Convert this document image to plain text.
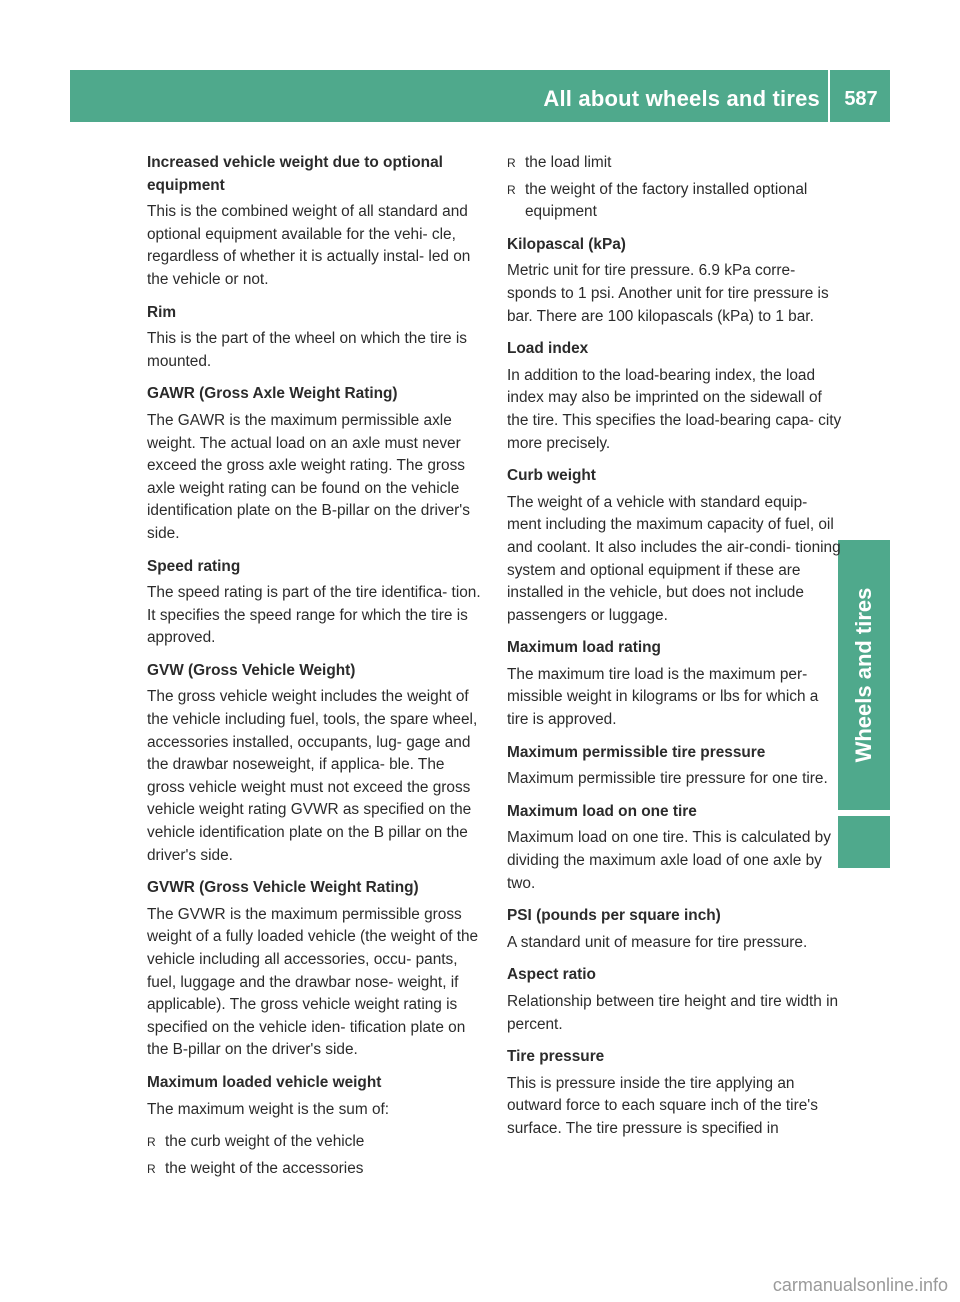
All about wheels and tires	587
Wheels and tires
Increased vehicle weight due to optional equipment
This is the combined weight of all standard and optional equipment available for the vehi- cle, regardless of whether it is actually instal- led on the vehicle or not.
Rim
This is the part of the wheel on which the tire is mounted.
GAWR (Gross Axle Weight Rating)
The GAWR is the maximum permissible axle weight. The actual load on an axle must never exceed the gross axle weight rating. The gross axle weight rating can be found on the vehicle identification plate on the B-pillar on the driver's side.
Speed rating
The speed rating is part of the tire identifica- tion. It specifies the speed range for which the tire is approved.
GVW (Gross Vehicle Weight)
The gross vehicle weight includes the weight of the vehicle including fuel, tools, the spare wheel, accessories installed, occupants, lug- gage and the drawbar noseweight, if applica- ble. The gross vehicle weight must not exceed the gross vehicle weight rating GVWR as specified on the vehicle identification plate on the B pillar on the driver's side.
GVWR (Gross Vehicle Weight Rating)
The GVWR is the maximum permissible gross weight of a fully loaded vehicle (the weight of the vehicle including all accessories, occu- pants, fuel, luggage and the drawbar nose- weight, if applicable). The gross vehicle weight rating is specified on the vehicle iden- tification plate on the B-pillar on the driver's side.
Maximum loaded vehicle weight
The maximum weight is the sum of:
R the curb weight of the vehicle
R the weight of the accessories
R the load limit
R the weight of the factory installed optional equipment
Kilopascal (kPa)
Metric unit for tire pressure. 6.9 kPa corre- sponds to 1 psi. Another unit for tire pressure is bar. There are 100 kilopascals (kPa) to 1 bar.
Load index
In addition to the load-bearing index, the load index may also be imprinted on the sidewall of the tire. This specifies the load-bearing capa- city more precisely.
Curb weight
The weight of a vehicle with standard equip- ment including the maximum capacity of fuel, oil and coolant. It also includes the air-condi- tioning system and optional equipment if these are installed in the vehicle, but does not include passengers or luggage.
Maximum load rating
The maximum tire load is the maximum per- missible weight in kilograms or lbs for which a tire is approved.
Maximum permissible tire pressure
Maximum permissible tire pressure for one tire.
Maximum load on one tire
Maximum load on one tire. This is calculated by dividing the maximum axle load of one axle by two.
PSI (pounds per square inch)
A standard unit of measure for tire pressure.
Aspect ratio
Relationship between tire height and tire width in percent.
Tire pressure
This is pressure inside the tire applying an outward force to each square inch of the tire's surface. The tire pressure is specified in
carmanualsonline.info
